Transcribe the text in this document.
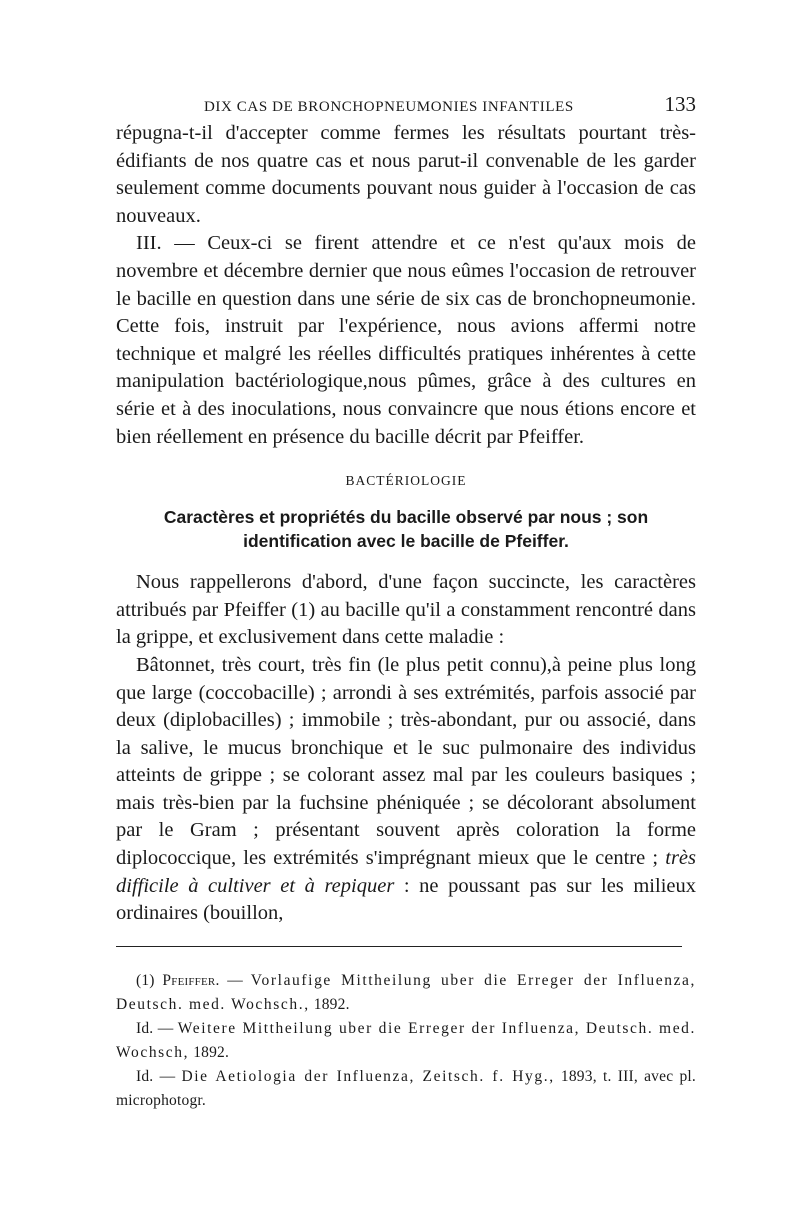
DIX CAS DE BRONCHOPNEUMONIES INFANTILES	133

répugna-t-il d'accepter comme fermes les résultats pourtant très-édifiants de nos quatre cas et nous parut-il convenable de les garder seulement comme documents pouvant nous guider à l'occasion de cas nouveaux.

III. — Ceux-ci se firent attendre et ce n'est qu'aux mois de novembre et décembre dernier que nous eûmes l'occasion de retrouver le bacille en question dans une série de six cas de bronchopneumonie. Cette fois, instruit par l'expérience, nous avions affermi notre technique et malgré les réelles difficultés pratiques inhérentes à cette manipulation bactériologique,nous pûmes, grâce à des cultures en série et à des inoculations, nous convaincre que nous étions encore et bien réellement en présence du bacille décrit par Pfeiffer.

BACTÉRIOLOGIE

Caractères et propriétés du bacille observé par nous ; son identification avec le bacille de Pfeiffer.

Nous rappellerons d'abord, d'une façon succincte, les caractères attribués par Pfeiffer (1) au bacille qu'il a constamment rencontré dans la grippe, et exclusivement dans cette maladie :

Bâtonnet, très court, très fin (le plus petit connu),à peine plus long que large (coccobacille) ; arrondi à ses extrémités, parfois associé par deux (diplobacilles) ; immobile ; très-abondant, pur ou associé, dans la salive, le mucus bronchique et le suc pulmonaire des individus atteints de grippe ; se colorant assez mal par les couleurs basiques ; mais très-bien par la fuchsine phéniquée ; se décolorant absolument par le Gram ; présentant souvent après coloration la forme diplococcique, les extrémités s'imprégnant mieux que le centre ; très difficile à cultiver et à repiquer : ne poussant pas sur les milieux ordinaires (bouillon,

(1) Pfeiffer. — Vorlaufige Mittheilung uber die Erreger der Influenza, Deutsch. med. Wochsch., 1892.

Id. — Weitere Mittheilung uber die Erreger der Influenza, Deutsch. med. Wochsch, 1892.

Id. — Die Aetiologia der Influenza, Zeitsch. f. Hyg., 1893, t. III, avec pl. microphotogr.
